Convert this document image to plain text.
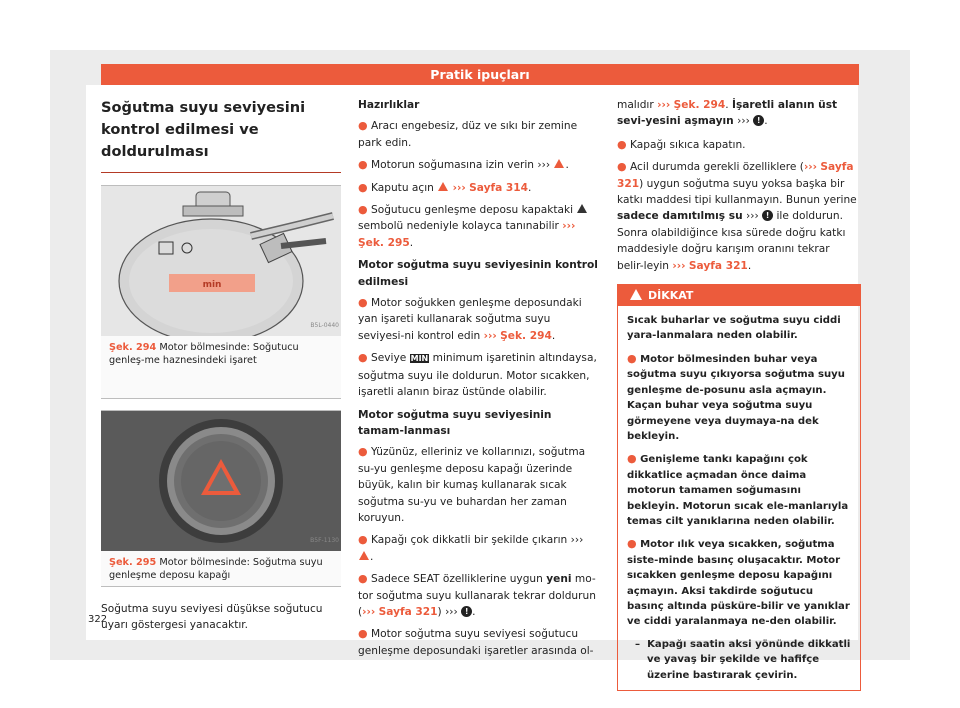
Pratik ipuçları
Soğutma suyu seviyesini kontrol edilmesi ve doldurulması
min
B5L-0440
Şek. 294 Motor bölmesinde: Soğutucu genleş-me haznesindeki işaret
B5F-1130
Şek. 295 Motor bölmesinde: Soğutma suyu genleşme deposu kapağı

Soğutma suyu seviyesi düşükse soğutucu uyarı göstergesi yanacaktır.

Hazırlıklar
● Aracı engebesiz, düz ve sıkı bir zemine park edin.
● Motorun soğumasına izin verin ››› .
● Kaputu açın ››› Sayfa 314.
● Soğutucu genleşme deposu kapaktaki  sembolü nedeniyle kolayca tanınabilir ››› Şek. 295.
Motor soğutma suyu seviyesinin kontrol edilmesi
● Motor soğukken genleşme deposundaki yan işareti kullanarak soğutma suyu seviyesi-ni kontrol edin ››› Şek. 294.
● Seviye MIN minimum işaretinin altındaysa, soğutma suyu ile doldurun. Motor sıcakken, işaretli alanın biraz üstünde olabilir.
Motor soğutma suyu seviyesinin tamam-lanması
● Yüzünüz, elleriniz ve kollarınızı, soğutma su-yu genleşme deposu kapağı üzerinde büyük, kalın bir kumaş kullanarak sıcak soğutma su-yu ve buhardan her zaman koruyun.
● Kapağı çok dikkatli bir şekilde çıkarın ››› .
● Sadece SEAT özelliklerine uygun yeni mo-tor soğutma suyu kullanarak tekrar doldurun (››› Sayfa 321) ››› ! .
● Motor soğutma suyu seviyesi soğutucu genleşme deposundaki işaretler arasında ol-
malıdır ››› Şek. 294. İşaretli alanın üst sevi-yesini aşmayın ››› ! .
● Kapağı sıkıca kapatın.
● Acil durumda gerekli özelliklere (››› Sayfa 321) uygun soğutma suyu yoksa başka bir katkı maddesi tipi kullanmayın. Bunun yerine sadece damıtılmış su ››› ! ile doldurun. Sonra olabildiğince kısa sürede doğru katkı maddesiyle doğru karışım oranını tekrar belir-leyin ››› Sayfa 321.
DİKKAT
Sıcak buharlar ve soğutma suyu ciddi yara-lanmalara neden olabilir.
● Motor bölmesinden buhar veya soğutma suyu çıkıyorsa soğutma suyu genleşme de-posunu asla açmayın. Kaçan buhar veya soğutma suyu görmeyene veya duymaya-na dek bekleyin.
● Genişleme tankı kapağını çok dikkatlice açmadan önce daima motorun tamamen soğumasını bekleyin. Motorun sıcak ele-manlarıyla temas cilt yanıklarına neden olabilir.
● Motor ılık veya sıcakken, soğutma siste-minde basınç oluşacaktır. Motor sıcakken genleşme deposu kapağını açmayın. Aksi takdirde soğutucu basınç altında püsküre-bilir ve yanıklar ve ciddi yaralanmaya ne-den olabilir.
– Kapağı saatin aksi yönünde dikkatli ve yavaş bir şekilde ve hafifçe üzerine bastırarak çevirin.
322
